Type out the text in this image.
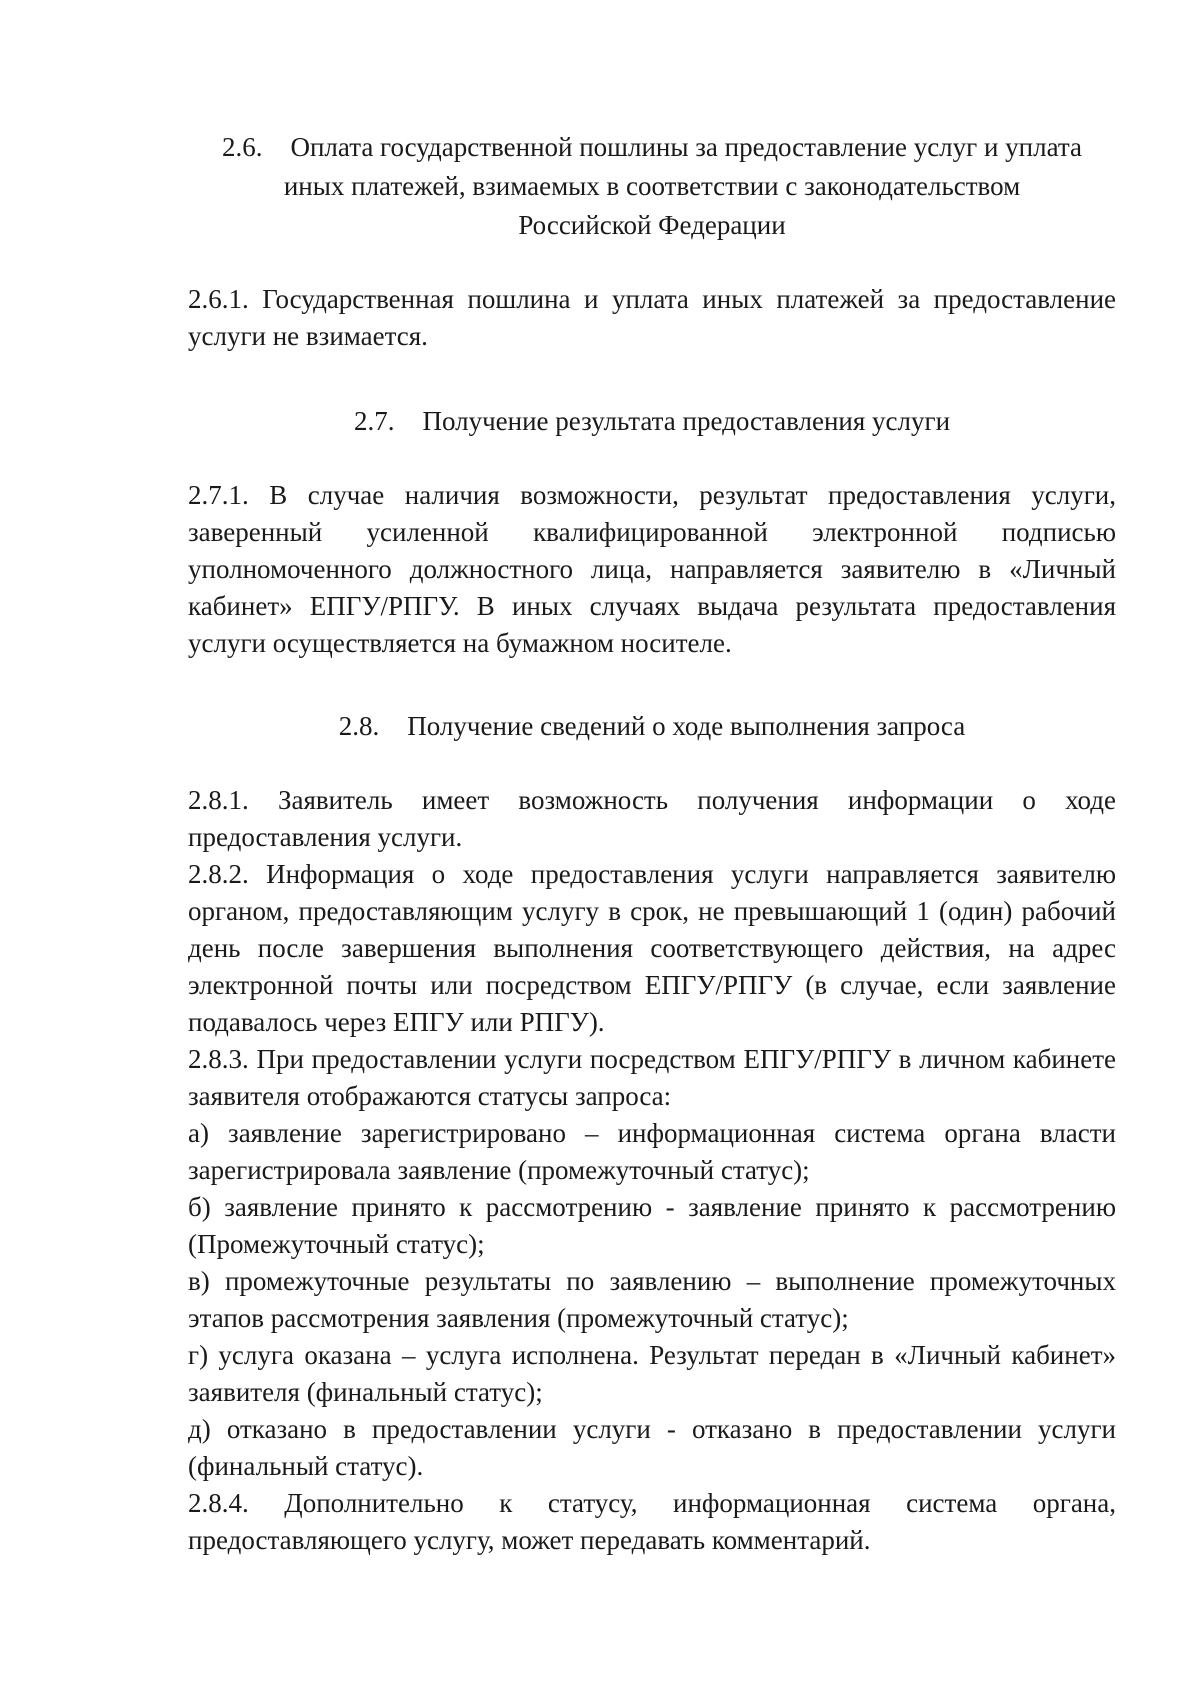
2.6. Оплата государственной пошлины за предоставление услуг и уплата
иных платежей, взимаемых в соответствии с законодательством
Российской Федерации

2.6.1. Государственная пошлина и уплата иных платежей за предоставление услуги не взимается.

2.7. Получение результата предоставления услуги

2.7.1. В случае наличия возможности, результат предоставления услуги, заверенный усиленной квалифицированной электронной подписью уполномоченного должностного лица, направляется заявителю в «Личный кабинет» ЕПГУ/РПГУ. В иных случаях выдача результата предоставления услуги осуществляется на бумажном носителе.

2.8. Получение сведений о ходе выполнения запроса

2.8.1. Заявитель имеет возможность получения информации о ходе предоставления услуги.

2.8.2. Информация о ходе предоставления услуги направляется заявителю органом, предоставляющим услугу в срок, не превышающий 1 (один) рабочий день после завершения выполнения соответствующего действия, на адрес электронной почты или посредством ЕПГУ/РПГУ (в случае, если заявление подавалось через ЕПГУ или РПГУ).

2.8.3. При предоставлении услуги посредством ЕПГУ/РПГУ в личном кабинете заявителя отображаются статусы запроса:

а) заявление зарегистрировано – информационная система органа власти зарегистрировала заявление (промежуточный статус);

б) заявление принято к рассмотрению - заявление принято к рассмотрению (Промежуточный статус);

в) промежуточные результаты по заявлению – выполнение промежуточных этапов рассмотрения заявления (промежуточный статус);

г) услуга оказана – услуга исполнена. Результат передан в «Личный кабинет» заявителя (финальный статус);

д) отказано в предоставлении услуги - отказано в предоставлении услуги (финальный статус).

2.8.4. Дополнительно к статусу, информационная система органа, предоставляющего услугу, может передавать комментарий.
